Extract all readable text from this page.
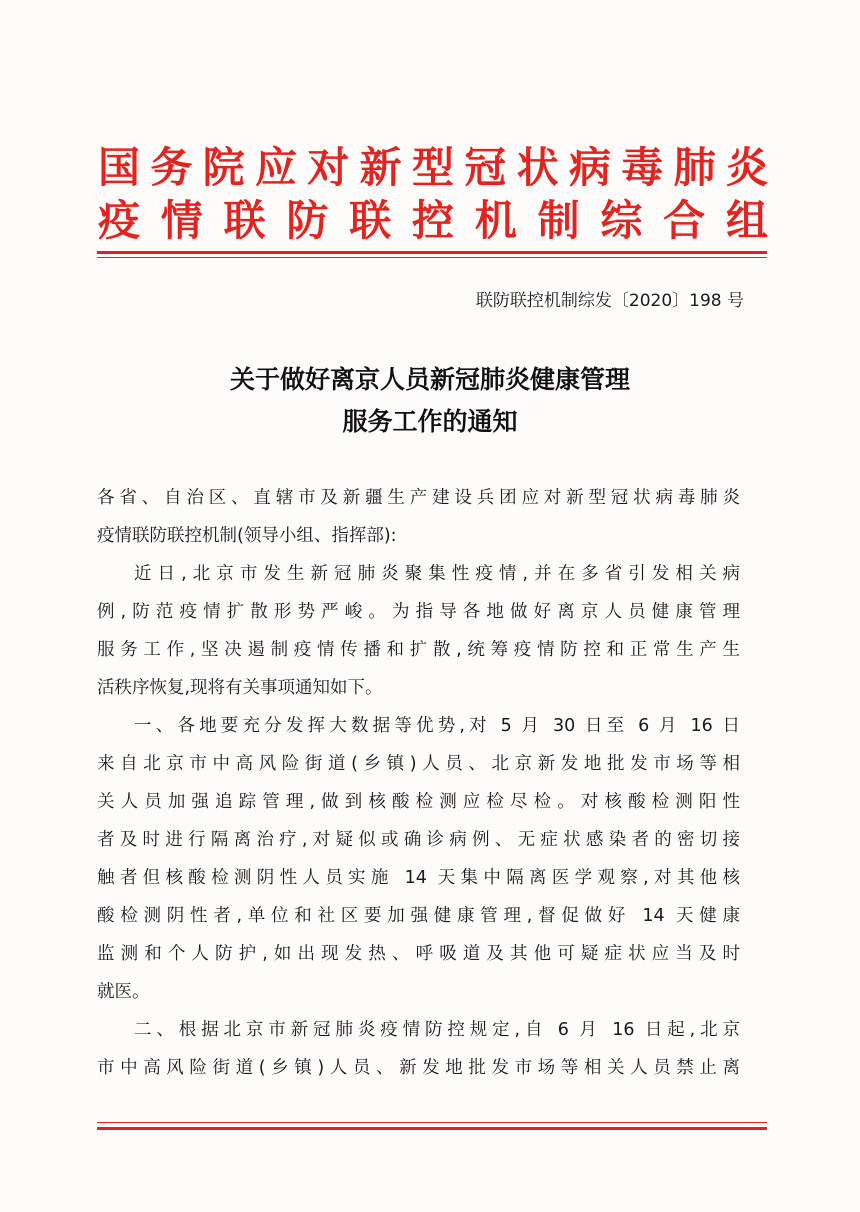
国 务 院 应 对 新 型 冠 状 病 毒 肺 炎
疫 情 联 防 联 控 机 制 综 合 组
联防联控机制综发〔2020〕198 号
关于做好离京人员新冠肺炎健康管理
服务工作的通知
各省、自治区、直辖市及新疆生产建设兵团应对新型冠状病毒肺炎
疫情联防联控机制(领导小组、指挥部):
近日,北京市发生新冠肺炎聚集性疫情,并在多省引发相关病
例,防范疫情扩散形势严峻。为指导各地做好离京人员健康管理
服务工作,坚决遏制疫情传播和扩散,统筹疫情防控和正常生产生
活秩序恢复,现将有关事项通知如下。
一、各地要充分发挥大数据等优势,对 5 月 30 日至 6 月 16 日
来自北京市中高风险街道(乡镇)人员、北京新发地批发市场等相
关人员加强追踪管理,做到核酸检测应检尽检。对核酸检测阳性
者及时进行隔离治疗,对疑似或确诊病例、无症状感染者的密切接
触者但核酸检测阴性人员实施 14 天集中隔离医学观察,对其他核
酸检测阴性者,单位和社区要加强健康管理,督促做好 14 天健康
监测和个人防护,如出现发热、呼吸道及其他可疑症状应当及时
就医。
二、根据北京市新冠肺炎疫情防控规定,自 6 月 16 日起,北京
市中高风险街道(乡镇)人员、新发地批发市场等相关人员禁止离
